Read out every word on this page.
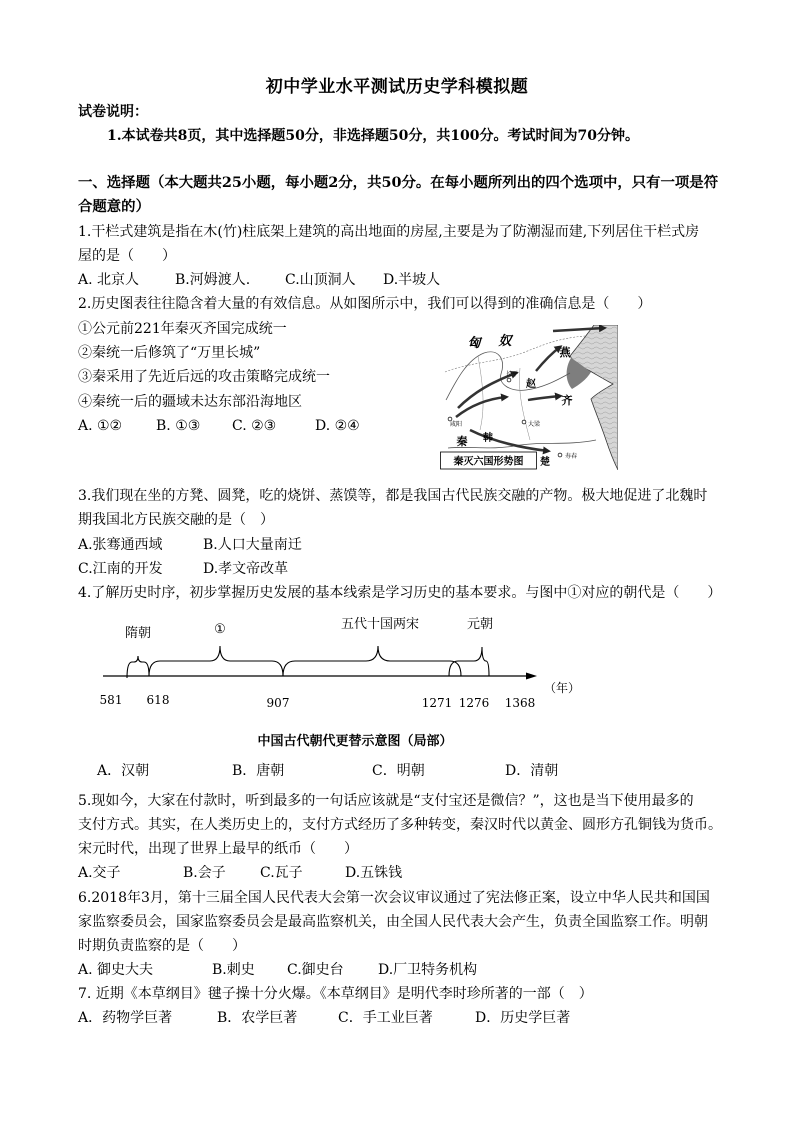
初中学业水平测试历史学科模拟题
试卷说明：
1.本试卷共8页，其中选择题50分，非选择题50分，共100分。考试时间为70分钟。
一、选择题（本大题共25小题，每小题2分，共50分。在每小题所列出的四个选项中，只有一项是符
合题意的）
1.干栏式建筑是指在木(竹)柱底架上建筑的高出地面的房屋,主要是为了防潮湿而建,下列居住干栏式房
屋的是（　　）
A. 北京人	B.河姆渡人. C.山顶洞人 D.半坡人
2.历史图表往往隐含着大量的有效信息。从如图所示中，我们可以得到的准确信息是（　　）
①公元前221年秦灭齐国完成统一
②秦统一后修筑了“万里长城”
③秦采用了先近后远的攻击策略完成统一
④秦统一后的疆域未达东部沿海地区
A. ①② B. ①③ C. ②③	D. ②④
匈 奴
燕
齐
赵
长平
咸阳
秦 韩
大梁
楚
寿春
秦灭六国形势图
3.我们现在坐的方凳、圆凳，吃的烧饼、蒸馍等，都是我国古代民族交融的产物。极大地促进了北魏时
期我国北方民族交融的是（　）
A.张骞通西域	B.人口大量南迁
C.江南的开发	D.孝文帝改革
4.了解历史时序，初步掌握历史发展的基本线索是学习历史的基本要求。与图中①对应的朝代是（　　）
隋朝	①	五代十国两宋	元朝
581 618	907	1271 1276 1368
（年）
中国古代朝代更替示意图（局部）
A．汉朝	B．唐朝	C．明朝	D．清朝
5.现如今，大家在付款时，听到最多的一句话应该就是“支付宝还是微信？”，这也是当下使用最多的
支付方式。其实，在人类历史上的，支付方式经历了多种转变，秦汉时代以黄金、圆形方孔铜钱为货币。
宋元时代，出现了世界上最早的纸币（　　）
A.交子	B.会子 C.瓦子	D.五铢钱
6.2018年3月，第十三届全国人民代表大会第一次会议审议通过了宪法修正案，设立中华人民共和国国
家监察委员会，国家监察委员会是最高监察机关，由全国人民代表大会产生，负责全国监察工作。明朝
时期负责监察的是（　　）
A. 御史大夫	B.刺史 C.御史台 D.厂卫特务机构
7. 近期《本草纲目》毽子操十分火爆。《本草纲目》是明代李时珍所著的一部（　）
A．药物学巨著	B．农学巨著	C．手工业巨著	D．历史学巨著
